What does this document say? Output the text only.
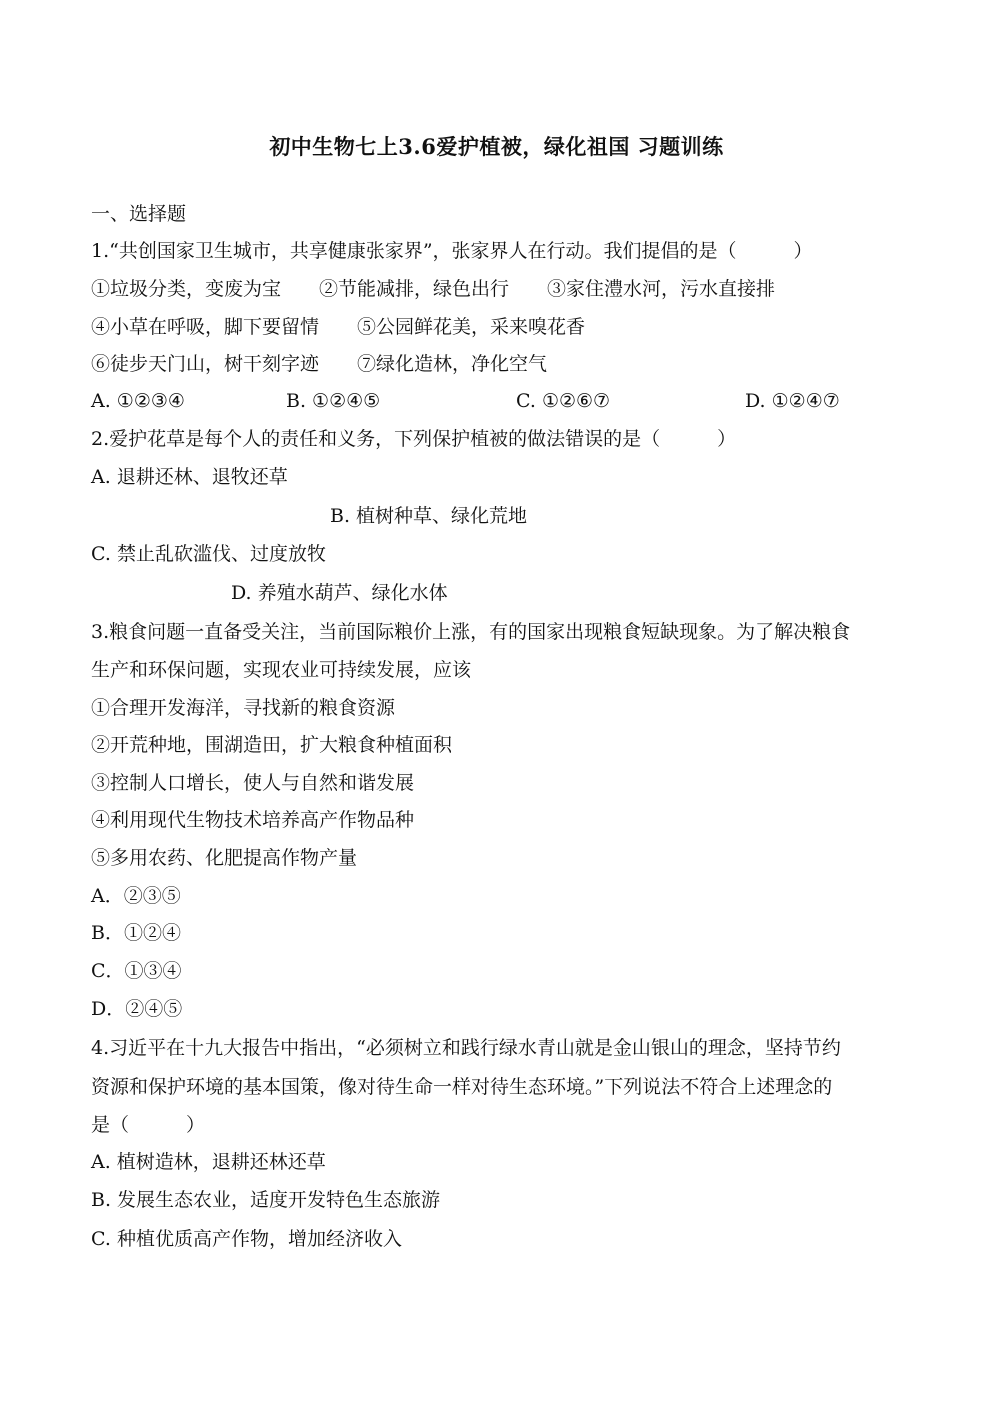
初中生物七上3.6爱护植被，绿化祖国 习题训练
一、选择题
1.“共创国家卫生城市，共享健康张家界”，张家界人在行动。我们提倡的是（　　　）
①垃圾分类，变废为宝　　②节能减排，绿色出行　　③家住澧水河，污水直接排
④小草在呼吸，脚下要留情　　⑤公园鲜花美，采来嗅花香
⑥徒步天门山，树干刻字迹　　⑦绿化造林，净化空气
A. ①②③④	B. ①②④⑤	C. ①②⑥⑦	D. ①②④⑦
2.爱护花草是每个人的责任和义务，下列保护植被的做法错误的是（　　　）
A. 退耕还林、退牧还草
B. 植树种草、绿化荒地
C. 禁止乱砍滥伐、过度放牧
D. 养殖水葫芦、绿化水体
3.粮食问题一直备受关注，当前国际粮价上涨，有的国家出现粮食短缺现象。为了解决粮食
生产和环保问题，实现农业可持续发展，应该
①合理开发海洋，寻找新的粮食资源
②开荒种地，围湖造田，扩大粮食种植面积
③控制人口增长，使人与自然和谐发展
④利用现代生物技术培养高产作物品种
⑤多用农药、化肥提高作物产量
A．②③⑤
B．①②④
C．①③④
D．②④⑤
4.习近平在十九大报告中指出，“必须树立和践行绿水青山就是金山银山的理念，坚持节约
资源和保护环境的基本国策，像对待生命一样对待生态环境。”下列说法不符合上述理念的
是（　　　）
A. 植树造林，退耕还林还草
B. 发展生态农业，适度开发特色生态旅游
C. 种植优质高产作物，增加经济收入
